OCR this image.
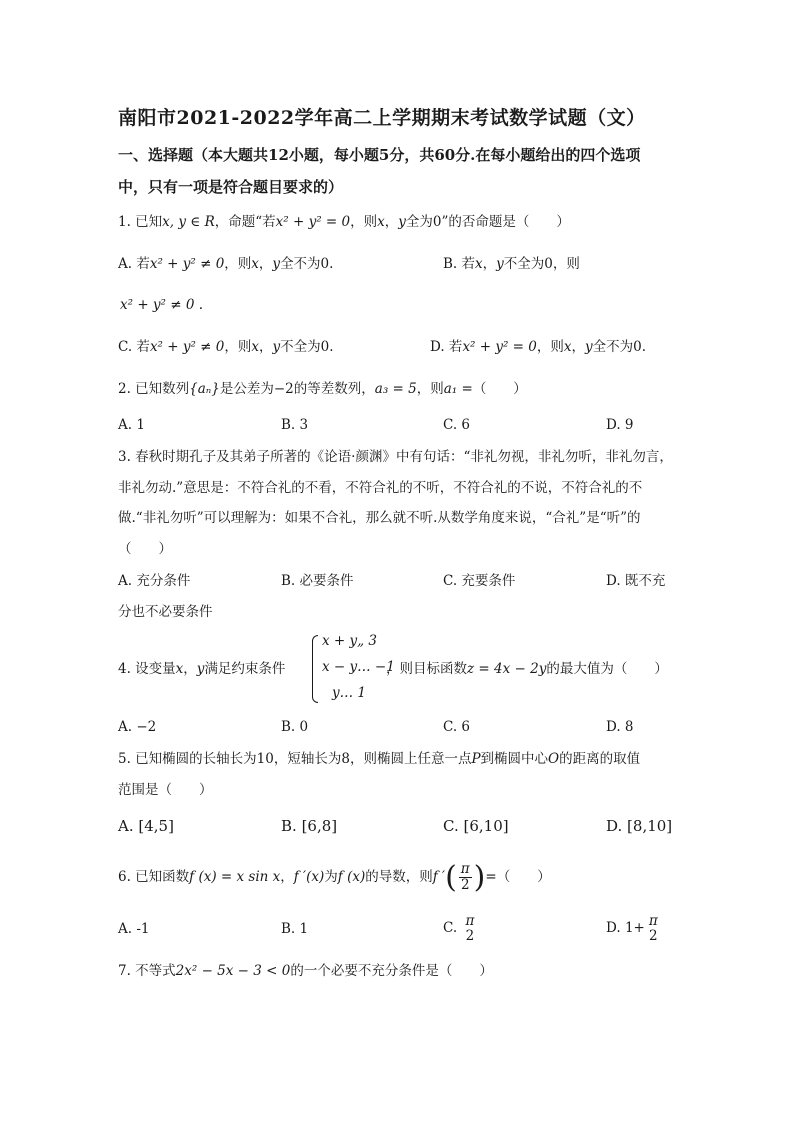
南阳市2021-2022学年高二上学期期末考试数学试题（文）
一、选择题（本大题共12小题，每小题5分，共60分.在每小题给出的四个选项
中，只有一项是符合题目要求的）
1. 已知x, y ∈ R，命题“若x² + y² = 0，则x，y全为0”的否命题是（　　）
A. 若x² + y² ≠ 0，则x，y全不为0.	B. 若x，y不全为0，则
x² + y² ≠ 0 .
C. 若x² + y² ≠ 0，则x，y不全为0.	D. 若x² + y² = 0，则x，y全不为0.
2. 已知数列{aₙ}是公差为−2的等差数列，a₃ = 5，则a₁ =（　　）
A. 1	B. 3	C. 6	D. 9
3. 春秋时期孔子及其弟子所著的《论语·颜渊》中有句话：“非礼勿视，非礼勿听，非礼勿言，
非礼勿动.”意思是：不符合礼的不看，不符合礼的不听，不符合礼的不说，不符合礼的不
做.“非礼勿听”可以理解为：如果不合礼，那么就不听.从数学角度来说，“合礼”是“听”的
（　　）
A. 充分条件	B. 必要条件	C. 充要条件	D. 既不充
分也不必要条件
4. 设变量x，y满足约束条件
x + y„ 3
x − y… −1
y… 1
，则目标函数z = 4x − 2y的最大值为（　　）
A. −2	B. 0	C. 6	D. 8
5. 已知椭圆的长轴长为10，短轴长为8，则椭圆上任意一点P到椭圆中心O的距离的取值
范围是（　　）
A. [4,5]	B. [6,8]	C. [6,10]	D. [8,10]
6. 已知函数f (x) = x sin x，f ′(x)为f (x)的导数，则f ′( $\frac{\pi}{2}$ )=（　　）
A. -1	B. 1	C. π
2	D. 1+ π
2
7. 不等式2x² − 5x − 3 < 0的一个必要不充分条件是（　　）
